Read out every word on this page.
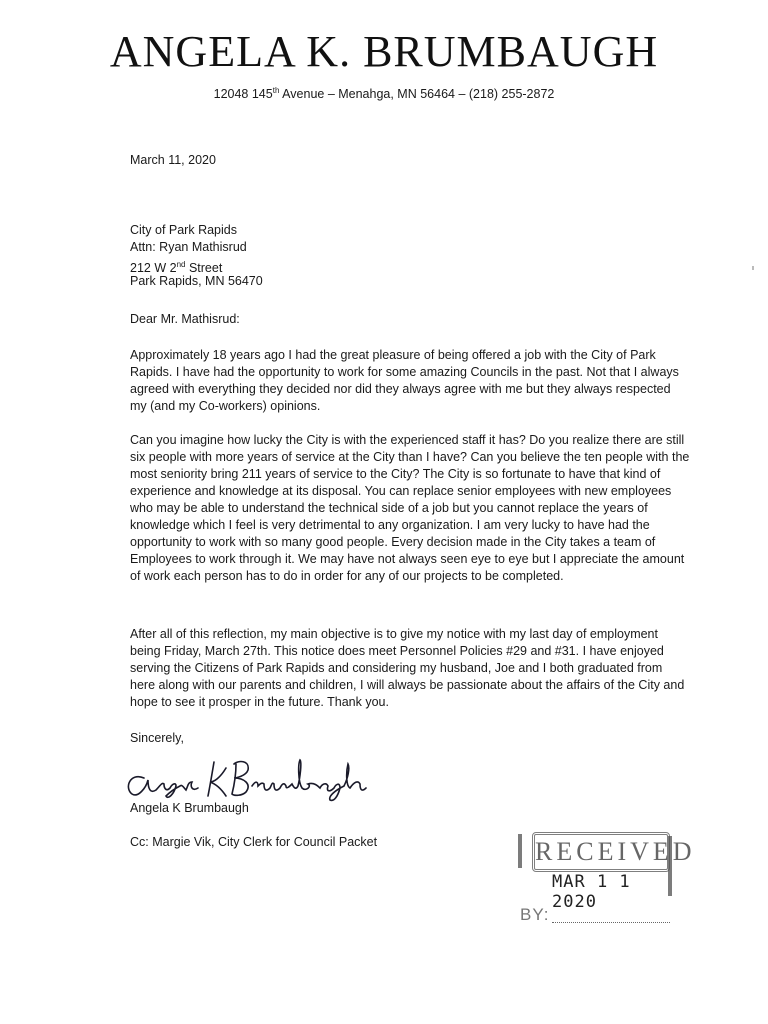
ANGELA K. BRUMBAUGH
12048 145th Avenue – Menahga, MN 56464 – (218) 255-2872
March 11, 2020
City of Park Rapids
Attn: Ryan Mathisrud
212 W 2nd Street
Park Rapids, MN 56470
Dear Mr. Mathisrud:
Approximately 18 years ago I had the great pleasure of being offered a job with the City of Park Rapids. I have had the opportunity to work for some amazing Councils in the past. Not that I always agreed with everything they decided nor did they always agree with me but they always respected my (and my Co-workers) opinions.
Can you imagine how lucky the City is with the experienced staff it has? Do you realize there are still six people with more years of service at the City than I have? Can you believe the ten people with the most seniority bring 211 years of service to the City? The City is so fortunate to have that kind of experience and knowledge at its disposal. You can replace senior employees with new employees who may be able to understand the technical side of a job but you cannot replace the years of knowledge which I feel is very detrimental to any organization. I am very lucky to have had the opportunity to work with so many good people. Every decision made in the City takes a team of Employees to work through it. We may have not always seen eye to eye but I appreciate the amount of work each person has to do in order for any of our projects to be completed.
After all of this reflection, my main objective is to give my notice with my last day of employment being Friday, March 27th. This notice does meet Personnel Policies #29 and #31. I have enjoyed serving the Citizens of Park Rapids and considering my husband, Joe and I both graduated from here along with our parents and children, I will always be passionate about the affairs of the City and hope to see it prosper in the future. Thank you.
Sincerely,
Angela K Brumbaugh
Cc: Margie Vik, City Clerk for Council Packet	RECEIVED
MAR 1 1 2020
BY:
